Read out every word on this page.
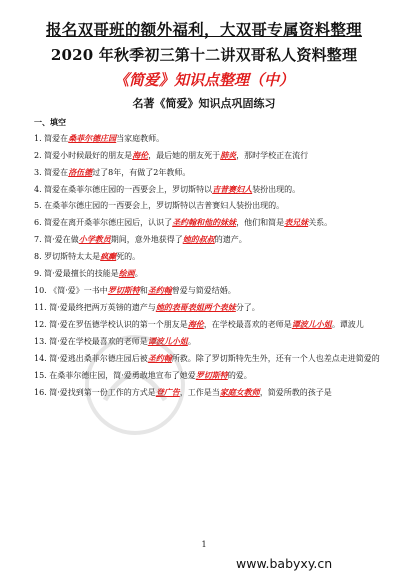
报名双哥班的额外福利，大双哥专属资料整理
2020 年秋季初三第十二讲双哥私人资料整理
《简爱》知识点整理（中）
名著《简爱》知识点巩固练习
一、填空

1. 简爱在桑菲尔德庄园当家庭教师。

2. 简爱小时候最好的朋友是海伦，最后她的朋友死于肺炎，那时学校正在流行

3. 简爱在洛伍德过了8年，有做了2年教师。

4. 简爱在桑菲尔德庄园的一西要会上，罗切斯特以吉普赛妇人装扮出现的。

5. 在桑菲尔德庄园的一西要会上，罗切斯特以吉普赛妇人装扮出现的。

6. 简爱在离开桑菲尔德庄园后，认识了圣约翰和他的妹妹，他们和简是表兄妹关系。

7. 简·爱在做小学教员期间，意外地获得了她的叔叔的遗产。

8. 罗切斯特太太是疯癫死的。

9. 简·爱最擅长的技能是绘画。

10. 《简·爱》一书中罗切斯特和圣约翰曾爱与简爱结婚。

11. 简·爱最终把两万英镑的遗产与她的表哥表姐两个表妹分了。

12. 简·爱在罗伍德学校认识的第一个朋友是海伦，在学校最喜欢的老师是谭波儿小姐。谭波儿

13. 简·爱在学校最喜欢的老师是谭波儿小姐。

14. 简·爱逃出桑菲尔德庄园后被圣约翰所救。除了罗切斯特先生外，还有一个人也差点走进简爱的

15. 在桑菲尔德庄园，简·爱勇敢地宣布了她爱罗切斯特的爱。

16. 简·爱找到第一份工作的方式是登广告，工作是当家庭女教师，简爱所教的孩子是

1
www.babyxy.cn
